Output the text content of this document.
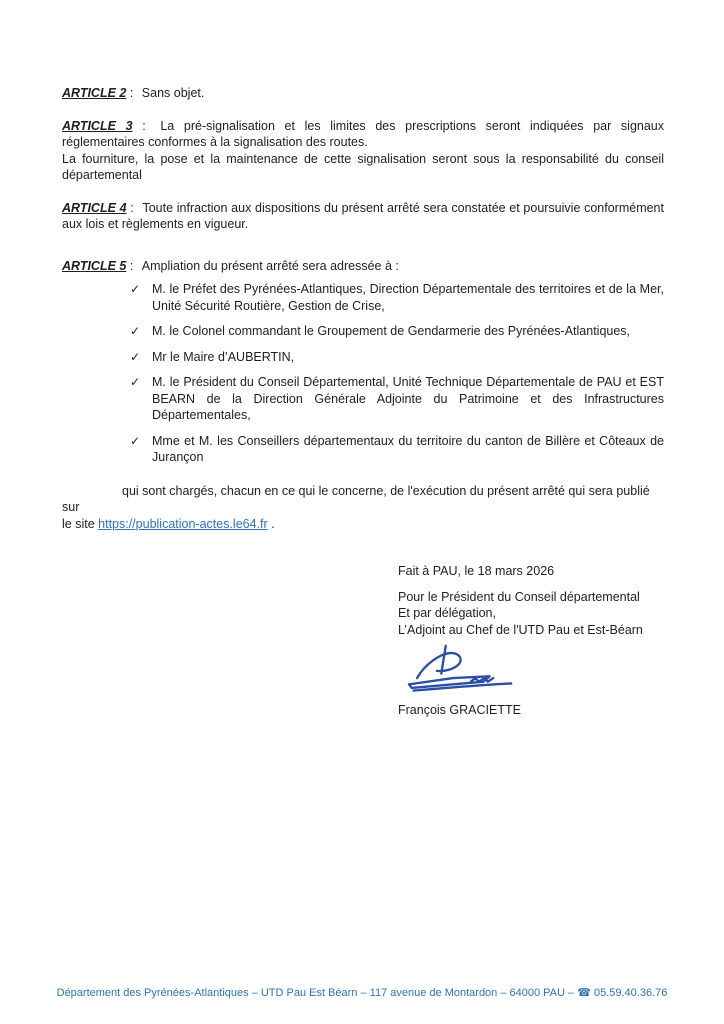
ARTICLE 2 : Sans objet.

ARTICLE 3 : La pré-signalisation et les limites des prescriptions seront indiquées par signaux réglementaires conformes à la signalisation des routes.

La fourniture, la pose et la maintenance de cette signalisation seront sous la responsabilité du conseil départemental

ARTICLE 4 : Toute infraction aux dispositions du présent arrêté sera constatée et poursuivie conformément aux lois et règlements en vigueur.

ARTICLE 5 : Ampliation du présent arrêté sera adressée à :

✓ M. le Préfet des Pyrénées-Atlantiques, Direction Départementale des territoires et de la Mer, Unité Sécurité Routière, Gestion de Crise,
✓ M. le Colonel commandant le Groupement de Gendarmerie des Pyrénées-Atlantiques,
✓ Mr le Maire d’AUBERTIN,
✓ M. le Président du Conseil Départemental, Unité Technique Départementale de PAU et EST BEARN de la Direction Générale Adjointe du Patrimoine et des Infrastructures Départementales,
✓ Mme et M. les Conseillers départementaux du territoire du canton de Billère et Côteaux de Jurançon

qui sont chargés, chacun en ce qui le concerne, de l'exécution du présent arrêté qui sera publié sur
le site https://publication-actes.le64.fr .

Fait à PAU, le 18 mars 2026

Pour le Président du Conseil départemental

Et par délégation,

L’Adjoint au Chef de l'UTD Pau et Est-Béarn

François GRACIETTE

Département des Pyrénées-Atlantiques – UTD Pau Est Béarn – 117 avenue de Montardon – 64000 PAU – ☎ 05.59.40.36.76
